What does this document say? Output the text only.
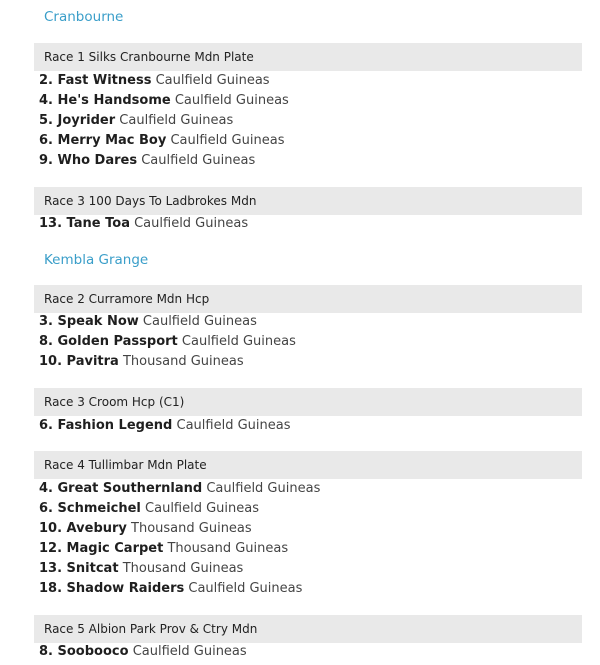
Cranbourne
Race 1 Silks Cranbourne Mdn Plate
2. Fast Witness Caulfield Guineas
4. He's Handsome Caulfield Guineas
5. Joyrider Caulfield Guineas
6. Merry Mac Boy Caulfield Guineas
9. Who Dares Caulfield Guineas
Race 3 100 Days To Ladbrokes Mdn
13. Tane Toa Caulfield Guineas
Kembla Grange
Race 2 Curramore Mdn Hcp
3. Speak Now Caulfield Guineas
8. Golden Passport Caulfield Guineas
10. Pavitra Thousand Guineas
Race 3 Croom Hcp (C1)
6. Fashion Legend Caulfield Guineas
Race 4 Tullimbar Mdn Plate
4. Great Southernland Caulfield Guineas
6. Schmeichel Caulfield Guineas
10. Avebury Thousand Guineas
12. Magic Carpet Thousand Guineas
13. Snitcat Thousand Guineas
18. Shadow Raiders Caulfield Guineas
Race 5 Albion Park Prov & Ctry Mdn
8. Soobooco Caulfield Guineas
